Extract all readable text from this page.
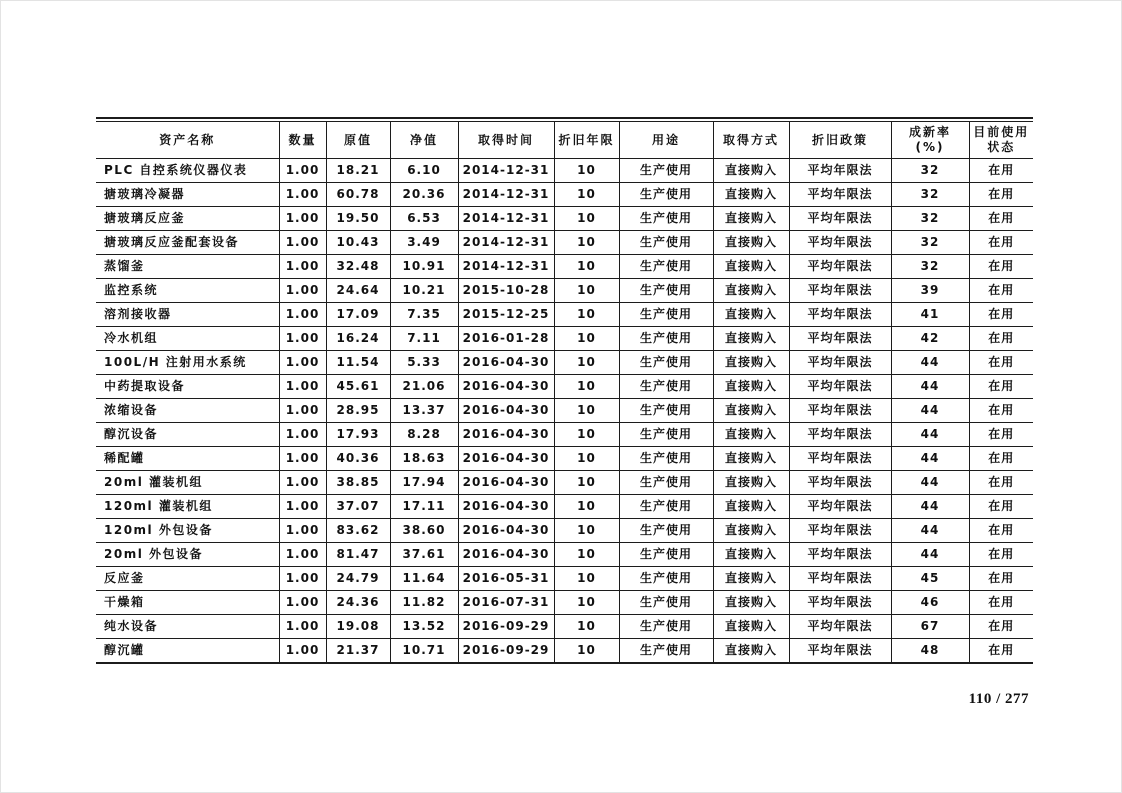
资产名称	数量	原值	净值	取得时间	折旧年限	用途	取得方式	折旧政策	成新率 (%)	目前使用状态
PLC 自控系统仪器仪表	1.00	18.21	6.10	2014-12-31	10	生产使用	直接购入	平均年限法	32	在用
搪玻璃冷凝器	1.00	60.78	20.36	2014-12-31	10	生产使用	直接购入	平均年限法	32	在用
搪玻璃反应釜	1.00	19.50	6.53	2014-12-31	10	生产使用	直接购入	平均年限法	32	在用
搪玻璃反应釜配套设备	1.00	10.43	3.49	2014-12-31	10	生产使用	直接购入	平均年限法	32	在用
蒸馏釜	1.00	32.48	10.91	2014-12-31	10	生产使用	直接购入	平均年限法	32	在用
监控系统	1.00	24.64	10.21	2015-10-28	10	生产使用	直接购入	平均年限法	39	在用
溶剂接收器	1.00	17.09	7.35	2015-12-25	10	生产使用	直接购入	平均年限法	41	在用
冷水机组	1.00	16.24	7.11	2016-01-28	10	生产使用	直接购入	平均年限法	42	在用
100L/H 注射用水系统	1.00	11.54	5.33	2016-04-30	10	生产使用	直接购入	平均年限法	44	在用
中药提取设备	1.00	45.61	21.06	2016-04-30	10	生产使用	直接购入	平均年限法	44	在用
浓缩设备	1.00	28.95	13.37	2016-04-30	10	生产使用	直接购入	平均年限法	44	在用
醇沉设备	1.00	17.93	8.28	2016-04-30	10	生产使用	直接购入	平均年限法	44	在用
稀配罐	1.00	40.36	18.63	2016-04-30	10	生产使用	直接购入	平均年限法	44	在用
20ml 灌装机组	1.00	38.85	17.94	2016-04-30	10	生产使用	直接购入	平均年限法	44	在用
120ml 灌装机组	1.00	37.07	17.11	2016-04-30	10	生产使用	直接购入	平均年限法	44	在用
120ml 外包设备	1.00	83.62	38.60	2016-04-30	10	生产使用	直接购入	平均年限法	44	在用
20ml 外包设备	1.00	81.47	37.61	2016-04-30	10	生产使用	直接购入	平均年限法	44	在用
反应釜	1.00	24.79	11.64	2016-05-31	10	生产使用	直接购入	平均年限法	45	在用
干燥箱	1.00	24.36	11.82	2016-07-31	10	生产使用	直接购入	平均年限法	46	在用
纯水设备	1.00	19.08	13.52	2016-09-29	10	生产使用	直接购入	平均年限法	67	在用
醇沉罐	1.00	21.37	10.71	2016-09-29	10	生产使用	直接购入	平均年限法	48	在用
110 / 277
